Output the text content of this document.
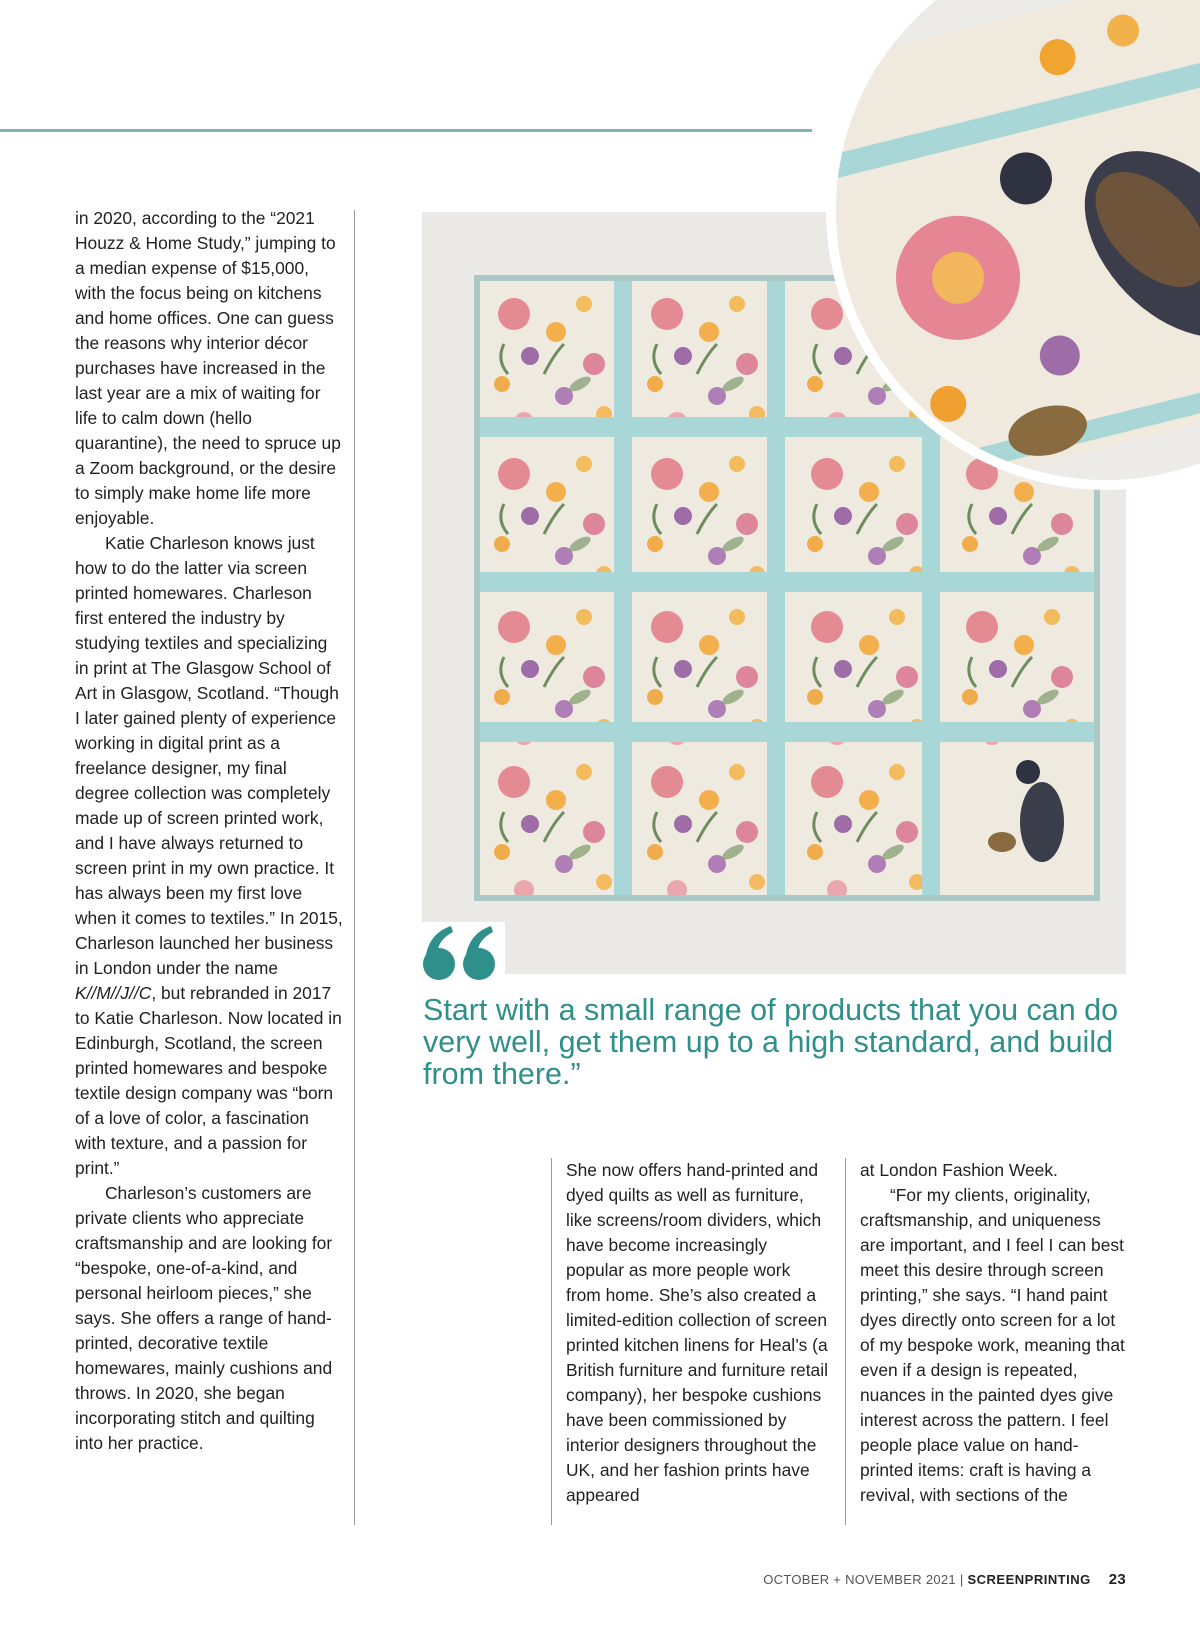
in 2020, according to the “2021 Houzz & Home Study,” jumping to a median expense of $15,000, with the focus being on kitchens and home offices. One can guess the reasons why interior décor purchases have increased in the last year are a mix of waiting for life to calm down (hello quarantine), the need to spruce up a Zoom background, or the desire to simply make home life more enjoyable.

Katie Charleson knows just how to do the latter via screen printed homewares. Charleson first entered the industry by studying textiles and specializing in print at The Glasgow School of Art in Glasgow, Scotland. “Though I later gained plenty of experience working in digital print as a freelance designer, my final degree collection was completely made up of screen printed work, and I have always returned to screen print in my own practice. It has always been my first love when it comes to textiles.” In 2015, Charleson launched her business in London under the name K//M//J//C, but rebranded in 2017 to Katie Charleson. Now located in Edinburgh, Scotland, the screen printed homewares and bespoke textile design company was “born of a love of color, a fascination with texture, and a passion for print.”

Charleson’s customers are private clients who appreciate craftsmanship and are looking for “bespoke, one-of-a-kind, and personal heirloom pieces,” she says. She offers a range of hand-printed, decorative textile homewares, mainly cushions and throws. In 2020, she began incorporating stitch and quilting into her practice.

Start with a small range of products that you can do very well, get them up to a high standard, and build from there.”

She now offers hand-printed and dyed quilts as well as furniture, like screens/room dividers, which have become increasingly popular as more people work from home. She’s also created a limited-edition collection of screen printed kitchen linens for Heal’s (a British furniture and furniture retail company), her bespoke cushions have been commissioned by interior designers throughout the UK, and her fashion prints have appeared

at London Fashion Week.

“For my clients, originality, craftsmanship, and uniqueness are important, and I feel I can best meet this desire through screen printing,” she says. “I hand paint dyes directly onto screen for a lot of my bespoke work, meaning that even if a design is repeated, nuances in the painted dyes give interest across the pattern. I feel people place value on hand-printed items: craft is having a revival, with sections of the

OCTOBER + NOVEMBER 2021 | SCREENPRINTING 23
